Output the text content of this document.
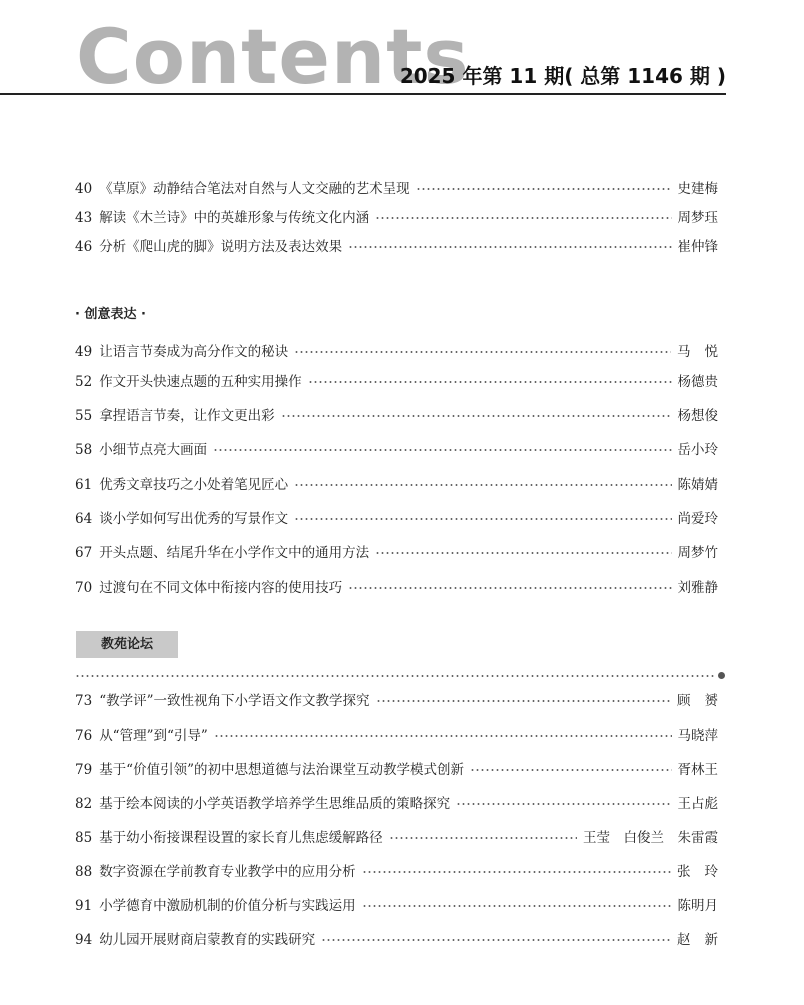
Contents
2025 年第 11 期( 总第 1146 期 )
40 《草原》动静结合笔法对自然与人文交融的艺术呈现	史建梅
43 解读《木兰诗》中的英雄形象与传统文化内涵	周梦珏
46 分析《爬山虎的脚》说明方法及表达效果	崔仲锋
· 创意表达 ·
49 让语言节奏成为高分作文的秘诀	马悦
52 作文开头快速点题的五种实用操作	杨德贵
55 拿捏语言节奏，让作文更出彩	杨想俊
58 小细节点亮大画面	岳小玲
61 优秀文章技巧之小处着笔见匠心	陈婧婧
64 谈小学如何写出优秀的写景作文	尚爱玲
67 开头点题、结尾升华在小学作文中的通用方法	周梦竹
70 过渡句在不同文体中衔接内容的使用技巧	刘雅静
教苑论坛
73 “教学评”一致性视角下小学语文作文教学探究	顾赟
76 从“管理”到“引导”	马晓萍
79 基于“价值引领”的初中思想道德与法治课堂互动教学模式创新	胥林王
82 基于绘本阅读的小学英语教学培养学生思维品质的策略探究	王占彪
85 基于幼小衔接课程设置的家长育儿焦虑缓解路径	王莹　白俊兰　朱雷霞
88 数字资源在学前教育专业教学中的应用分析	张玲
91 小学德育中激励机制的价值分析与实践运用	陈明月
94 幼儿园开展财商启蒙教育的实践研究	赵新
